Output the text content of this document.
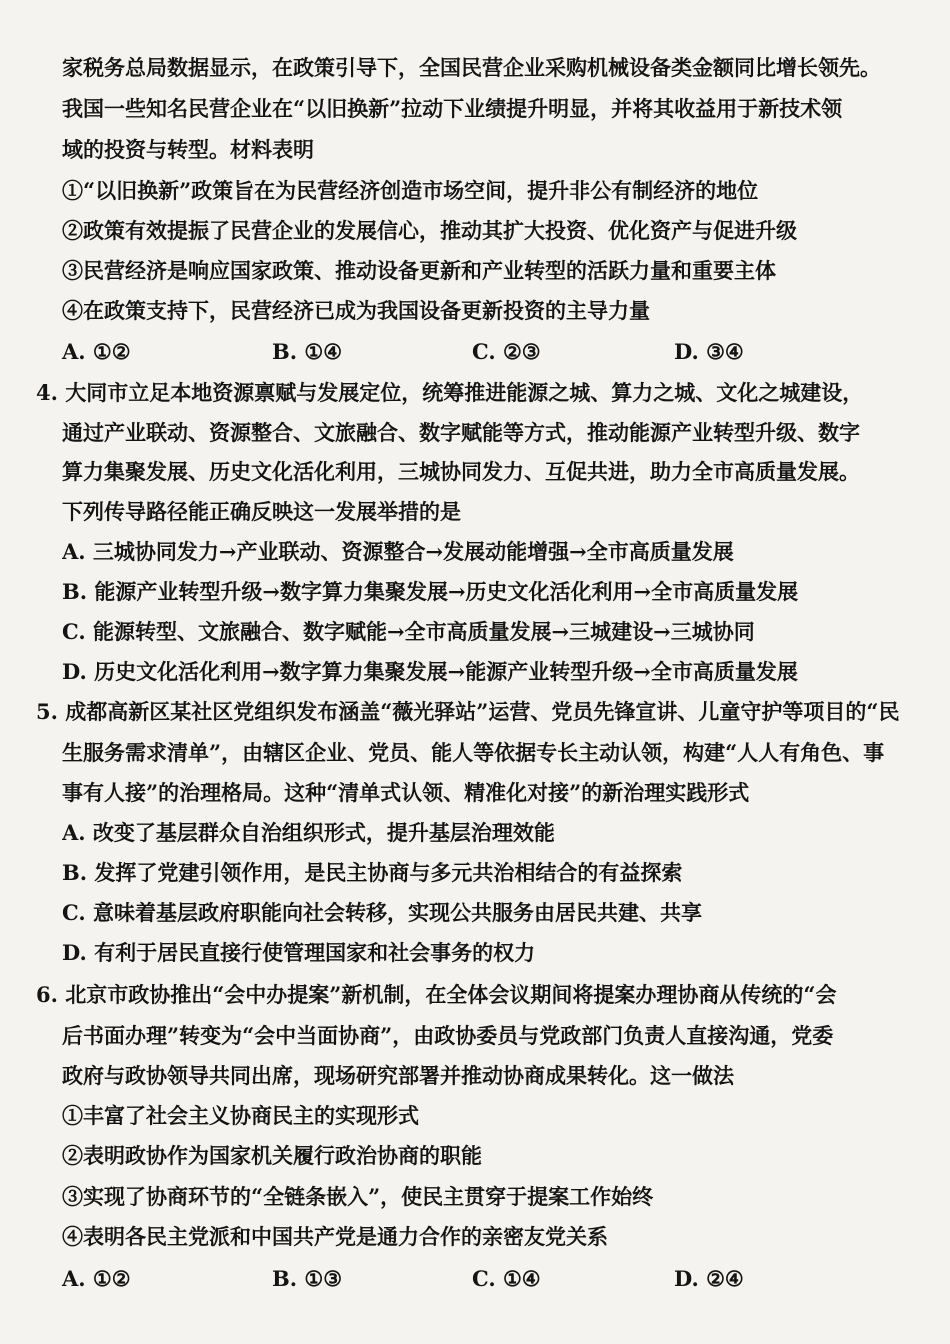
家税务总局数据显示，在政策引导下，全国民营企业采购机械设备类金额同比增长领先。
我国一些知名民营企业在“以旧换新”拉动下业绩提升明显，并将其收益用于新技术领
域的投资与转型。材料表明
①“以旧换新”政策旨在为民营经济创造市场空间，提升非公有制经济的地位
②政策有效提振了民营企业的发展信心，推动其扩大投资、优化资产与促进升级
③民营经济是响应国家政策、推动设备更新和产业转型的活跃力量和重要主体
④在政策支持下，民营经济已成为我国设备更新投资的主导力量
A. ①②	B. ①④	C. ②③	D. ③④
4. 大同市立足本地资源禀赋与发展定位，统筹推进能源之城、算力之城、文化之城建设，
通过产业联动、资源整合、文旅融合、数字赋能等方式，推动能源产业转型升级、数字
算力集聚发展、历史文化活化利用，三城协同发力、互促共进，助力全市高质量发展。
下列传导路径能正确反映这一发展举措的是
A. 三城协同发力→产业联动、资源整合→发展动能增强→全市高质量发展
B. 能源产业转型升级→数字算力集聚发展→历史文化活化利用→全市高质量发展
C. 能源转型、文旅融合、数字赋能→全市高质量发展→三城建设→三城协同
D. 历史文化活化利用→数字算力集聚发展→能源产业转型升级→全市高质量发展
5. 成都高新区某社区党组织发布涵盖“薇光驿站”运营、党员先锋宣讲、儿童守护等项目的“民
生服务需求清单”，由辖区企业、党员、能人等依据专长主动认领，构建“人人有角色、事
事有人接”的治理格局。这种“清单式认领、精准化对接”的新治理实践形式
A. 改变了基层群众自治组织形式，提升基层治理效能
B. 发挥了党建引领作用，是民主协商与多元共治相结合的有益探索
C. 意味着基层政府职能向社会转移，实现公共服务由居民共建、共享
D. 有利于居民直接行使管理国家和社会事务的权力
6. 北京市政协推出“会中办提案”新机制，在全体会议期间将提案办理协商从传统的“会
后书面办理”转变为“会中当面协商”，由政协委员与党政部门负责人直接沟通，党委
政府与政协领导共同出席，现场研究部署并推动协商成果转化。这一做法
①丰富了社会主义协商民主的实现形式
②表明政协作为国家机关履行政治协商的职能
③实现了协商环节的“全链条嵌入”，使民主贯穿于提案工作始终
④表明各民主党派和中国共产党是通力合作的亲密友党关系
A. ①②	B. ①③	C. ①④	D. ②④
